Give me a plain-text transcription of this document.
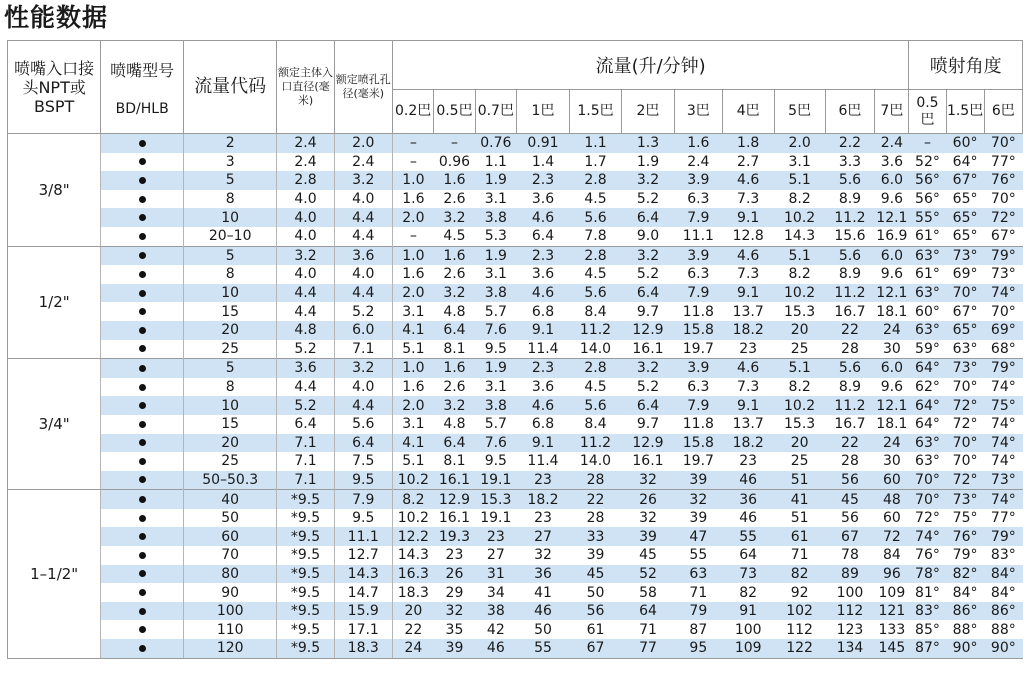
性能数据
喷嘴入口接头NPT或BSPT	喷嘴型号
BD/HLB	流量代码	额定主体入口直径(毫米)	额定喷孔孔径(毫米)	流量(升/分钟)											喷射角度		
					0.2巴	0.5巴	0.7巴	1巴	1.5巴	2巴	3巴	4巴	5巴	6巴	7巴	0.5巴	1.5巴	6巴
3/8"		2	2.4	2.0	–	–	0.76	0.91	1.1	1.3	1.6	1.8	2.0	2.2	2.4	–	60°	70°
		3	2.4	2.4	–	0.96	1.1	1.4	1.7	1.9	2.4	2.7	3.1	3.3	3.6	52°	64°	77°
		5	2.8	3.2	1.0	1.6	1.9	2.3	2.8	3.2	3.9	4.6	5.1	5.6	6.0	56°	67°	76°
		8	4.0	4.0	1.6	2.6	3.1	3.6	4.5	5.2	6.3	7.3	8.2	8.9	9.6	56°	65°	70°
		10	4.0	4.4	2.0	3.2	3.8	4.6	5.6	6.4	7.9	9.1	10.2	11.2	12.1	55°	65°	72°
		20–10	4.0	4.4	–	4.5	5.3	6.4	7.8	9.0	11.1	12.8	14.3	15.6	16.9	61°	65°	67°
1/2"		5	3.2	3.6	1.0	1.6	1.9	2.3	2.8	3.2	3.9	4.6	5.1	5.6	6.0	63°	73°	79°
		8	4.0	4.0	1.6	2.6	3.1	3.6	4.5	5.2	6.3	7.3	8.2	8.9	9.6	61°	69°	73°
		10	4.4	4.4	2.0	3.2	3.8	4.6	5.6	6.4	7.9	9.1	10.2	11.2	12.1	63°	70°	74°
		15	4.4	5.2	3.1	4.8	5.7	6.8	8.4	9.7	11.8	13.7	15.3	16.7	18.1	60°	67°	70°
		20	4.8	6.0	4.1	6.4	7.6	9.1	11.2	12.9	15.8	18.2	20	22	24	63°	65°	69°
		25	5.2	7.1	5.1	8.1	9.5	11.4	14.0	16.1	19.7	23	25	28	30	59°	63°	68°
3/4"		5	3.6	3.2	1.0	1.6	1.9	2.3	2.8	3.2	3.9	4.6	5.1	5.6	6.0	64°	73°	79°
		8	4.4	4.0	1.6	2.6	3.1	3.6	4.5	5.2	6.3	7.3	8.2	8.9	9.6	62°	70°	74°
		10	5.2	4.4	2.0	3.2	3.8	4.6	5.6	6.4	7.9	9.1	10.2	11.2	12.1	64°	72°	75°
		15	6.4	5.6	3.1	4.8	5.7	6.8	8.4	9.7	11.8	13.7	15.3	16.7	18.1	64°	72°	74°
		20	7.1	6.4	4.1	6.4	7.6	9.1	11.2	12.9	15.8	18.2	20	22	24	63°	70°	74°
		25	7.1	7.5	5.1	8.1	9.5	11.4	14.0	16.1	19.7	23	25	28	30	63°	70°	74°
		50–50.3	7.1	9.5	10.2	16.1	19.1	23	28	32	39	46	51	56	60	70°	72°	73°
1–1/2"		40	*9.5	7.9	8.2	12.9	15.3	18.2	22	26	32	36	41	45	48	70°	73°	74°
		50	*9.5	9.5	10.2	16.1	19.1	23	28	32	39	46	51	56	60	72°	75°	77°
		60	*9.5	11.1	12.2	19.3	23	27	33	39	47	55	61	67	72	74°	76°	79°
		70	*9.5	12.7	14.3	23	27	32	39	45	55	64	71	78	84	76°	79°	83°
		80	*9.5	14.3	16.3	26	31	36	45	52	63	73	82	89	96	78°	82°	84°
		90	*9.5	14.7	18.3	29	34	41	50	58	71	82	92	100	109	81°	84°	84°
		100	*9.5	15.9	20	32	38	46	56	64	79	91	102	112	121	83°	86°	86°
		110	*9.5	17.1	22	35	42	50	61	71	87	100	112	123	133	85°	88°	88°
		120	*9.5	18.3	24	39	46	55	67	77	95	109	122	134	145	87°	90°	90°
